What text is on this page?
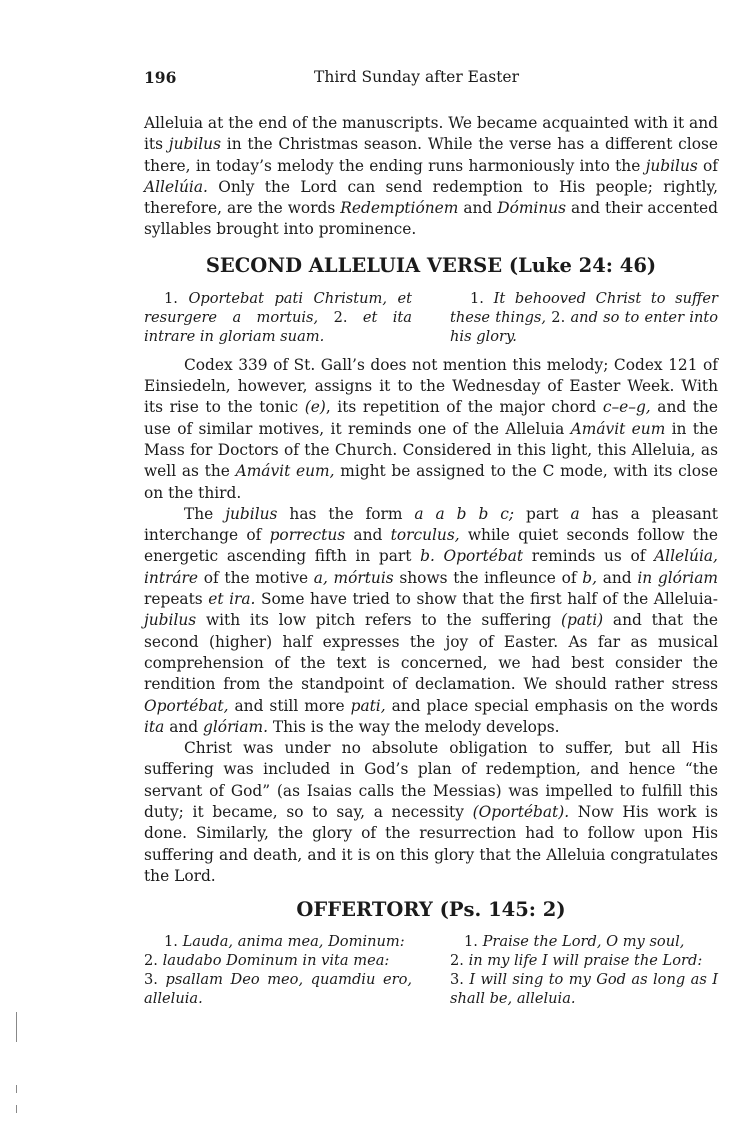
196	Third Sunday after Easter

Alleluia at the end of the manuscripts. We became acquainted with it and its jubilus in the Christmas season. While the verse has a different close there, in today’s melody the ending runs harmoniously into the jubilus of Allelúia. Only the Lord can send redemption to His people; rightly, therefore, are the words Redemptiónem and Dóminus and their accented syllables brought into prominence.

SECOND ALLELUIA VERSE (Luke 24: 46)
1. Oportebat pati Christum, et resurgere a mortuis, 2. et ita intrare in gloriam suam.
1. It behooved Christ to suffer these things, 2. and so to enter into his glory.

Codex 339 of St. Gall’s does not mention this melody; Codex 121 of Einsiedeln, however, assigns it to the Wednesday of Easter Week. With its rise to the tonic (e), its repetition of the major chord c–e–g, and the use of similar motives, it reminds one of the Alleluia Amávit eum in the Mass for Doctors of the Church. Considered in this light, this Alleluia, as well as the Amávit eum, might be assigned to the C mode, with its close on the third.

The jubilus has the form a a b b c; part a has a pleasant interchange of porrectus and torculus, while quiet seconds follow the energetic ascending fifth in part b. Oportébat reminds us of Allelúia, intráre of the motive a, mórtuis shows the infleunce of b, and in glóriam repeats et ira. Some have tried to show that the first half of the Alleluia-jubilus with its low pitch refers to the suffering (pati) and that the second (higher) half expresses the joy of Easter. As far as musical comprehension of the text is concerned, we had best consider the rendition from the standpoint of declamation. We should rather stress Oportébat, and still more pati, and place special emphasis on the words ita and glóriam. This is the way the melody develops.

Christ was under no absolute obligation to suffer, but all His suffering was included in God’s plan of redemption, and hence “the servant of God” (as Isaias calls the Messias) was impelled to fulfill this duty; it became, so to say, a necessity (Oportébat). Now His work is done. Similarly, the glory of the resurrection had to follow upon His suffering and death, and it is on this glory that the Alleluia congratulates the Lord.

OFFERTORY (Ps. 145: 2)
1. Lauda, anima mea, Dominum:
2. laudabo Dominum in vita mea:
3. psallam Deo meo, quamdiu ero, alleluia.
1. Praise the Lord, O my soul,
2. in my life I will praise the Lord:
3. I will sing to my God as long as I shall be, alleluia.
